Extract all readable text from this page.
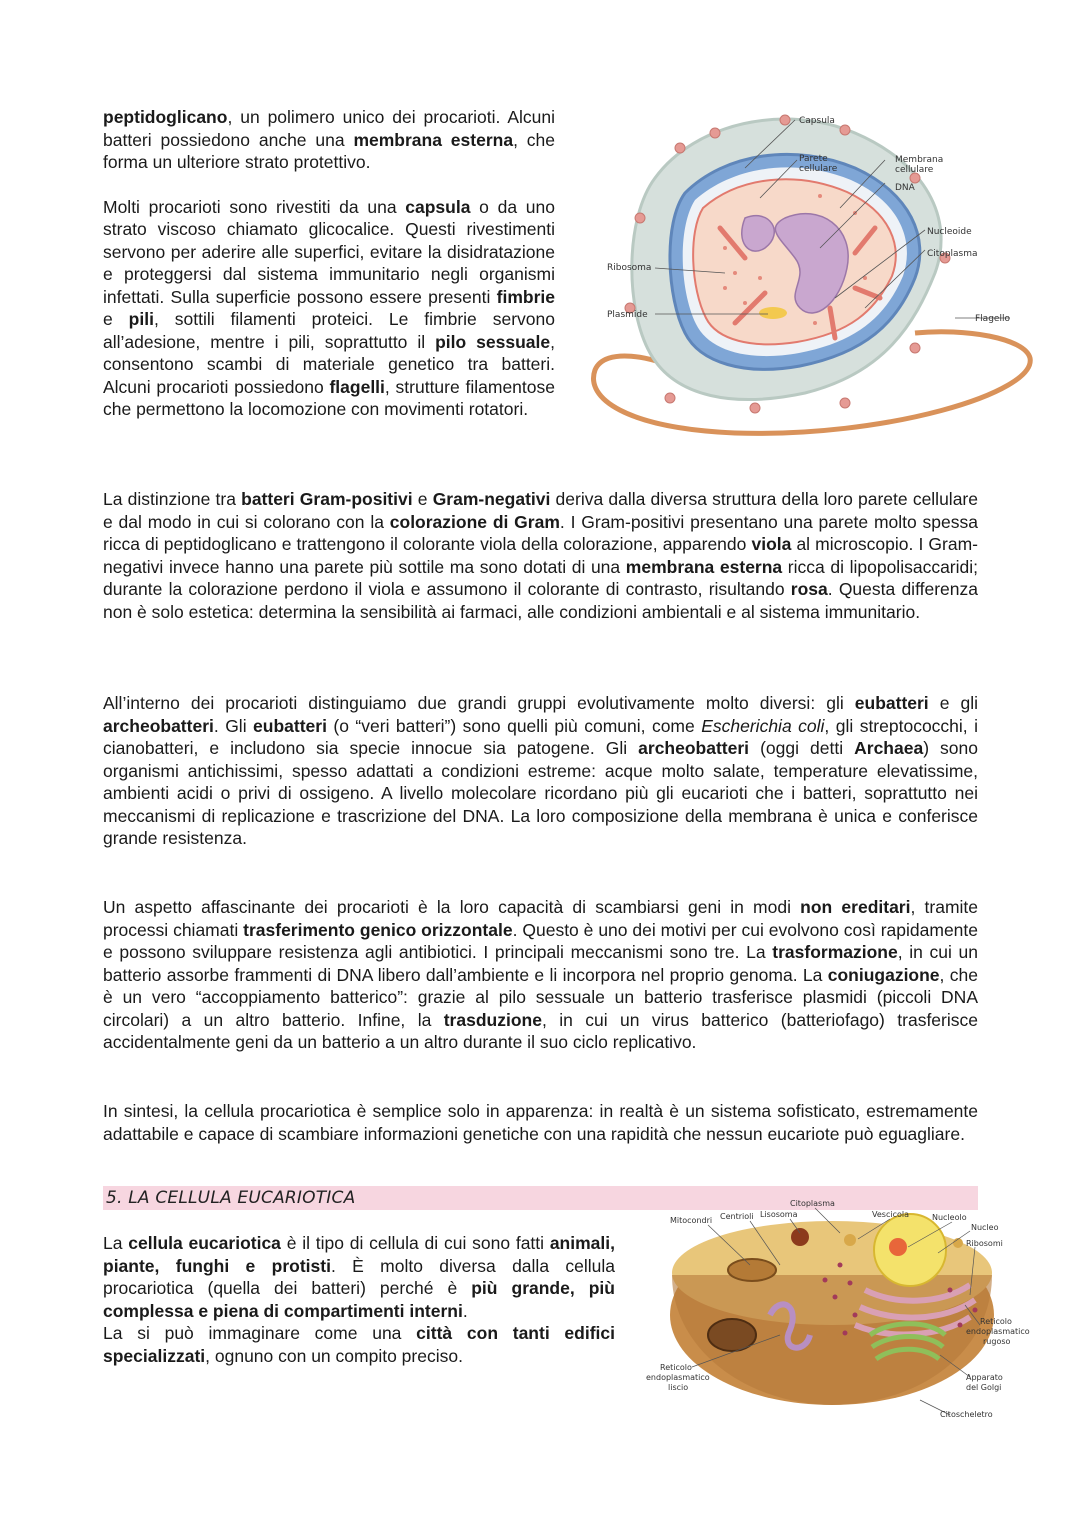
peptidoglicano, un polimero unico dei procarioti. Alcuni batteri possiedono anche una membrana esterna, che forma un ulteriore strato protettivo.

Molti procarioti sono rivestiti da una capsula o da uno strato viscoso chiamato glicocalice. Questi rivestimenti servono per aderire alle superfici, evitare la disidratazione e proteggersi dal sistema immunitario negli organismi infettati. Sulla superficie possono essere presenti fimbrie e pili, sottili filamenti proteici. Le fimbrie servono all’adesione, mentre i pili, soprattutto il pilo sessuale, consentono scambi di materiale genetico tra batteri. Alcuni procarioti possiedono flagelli, strutture filamentose che permettono la locomozione con movimenti rotatori.

Capsula
Parete
cellulare
Membrana
cellulare
DNA
Nucleoide
Citoplasma
Ribosoma
Plasmide	Flagello

La distinzione tra batteri Gram-positivi e Gram-negativi deriva dalla diversa struttura della loro parete cellulare e dal modo in cui si colorano con la colorazione di Gram. I Gram-positivi presentano una parete molto spessa ricca di peptidoglicano e trattengono il colorante viola della colorazione, apparendo viola al microscopio. I Gram-negativi invece hanno una parete più sottile ma sono dotati di una membrana esterna ricca di lipopolisaccaridi; durante la colorazione perdono il viola e assumono il colorante di contrasto, risultando rosa. Questa differenza non è solo estetica: determina la sensibilità ai farmaci, alle condizioni ambientali e al sistema immunitario.

All’interno dei procarioti distinguiamo due grandi gruppi evolutivamente molto diversi: gli eubatteri e gli archeobatteri. Gli eubatteri (o “veri batteri”) sono quelli più comuni, come Escherichia coli, gli streptococchi, i cianobatteri, e includono sia specie innocue sia patogene. Gli archeobatteri (oggi detti Archaea) sono organismi antichissimi, spesso adattati a condizioni estreme: acque molto salate, temperature elevatissime, ambienti acidi o privi di ossigeno. A livello molecolare ricordano più gli eucarioti che i batteri, soprattutto nei meccanismi di replicazione e trascrizione del DNA. La loro composizione della membrana è unica e conferisce grande resistenza.

Un aspetto affascinante dei procarioti è la loro capacità di scambiarsi geni in modi non ereditari, tramite processi chiamati trasferimento genico orizzontale. Questo è uno dei motivi per cui evolvono così rapidamente e possono sviluppare resistenza agli antibiotici. I principali meccanismi sono tre. La trasformazione, in cui un batterio assorbe frammenti di DNA libero dall’ambiente e li incorpora nel proprio genoma. La coniugazione, che è un vero “accoppiamento batterico”: grazie al pilo sessuale un batterio trasferisce plasmidi (piccoli DNA circolari) a un altro batterio. Infine, la trasduzione, in cui un virus batterico (batteriofago) trasferisce accidentalmente geni da un batterio a un altro durante il suo ciclo replicativo.

In sintesi, la cellula procariotica è semplice solo in apparenza: in realtà è un sistema sofisticato, estremamente adattabile e capace di scambiare informazioni genetiche con una rapidità che nessun eucariote può eguagliare.

5. LA CELLULA EUCARIOTICA

La cellula eucariotica è il tipo di cellula di cui sono fatti animali, piante, funghi e protisti. È molto diversa dalla cellula procariotica (quella dei batteri) perché è più grande, più complessa e piena di compartimenti interni.
La si può immaginare come una città con tanti edifici specializzati, ognuno con un compito preciso.

Citoplasma
Mitocondri Centrioli Lisosoma	Vescicola	Nucleolo
Nucleo
Ribosomi
Reticolo
endoplasmatico
rugoso
Reticolo
endoplasmatico
liscio
Apparato
del Golgi
Citoscheletro
